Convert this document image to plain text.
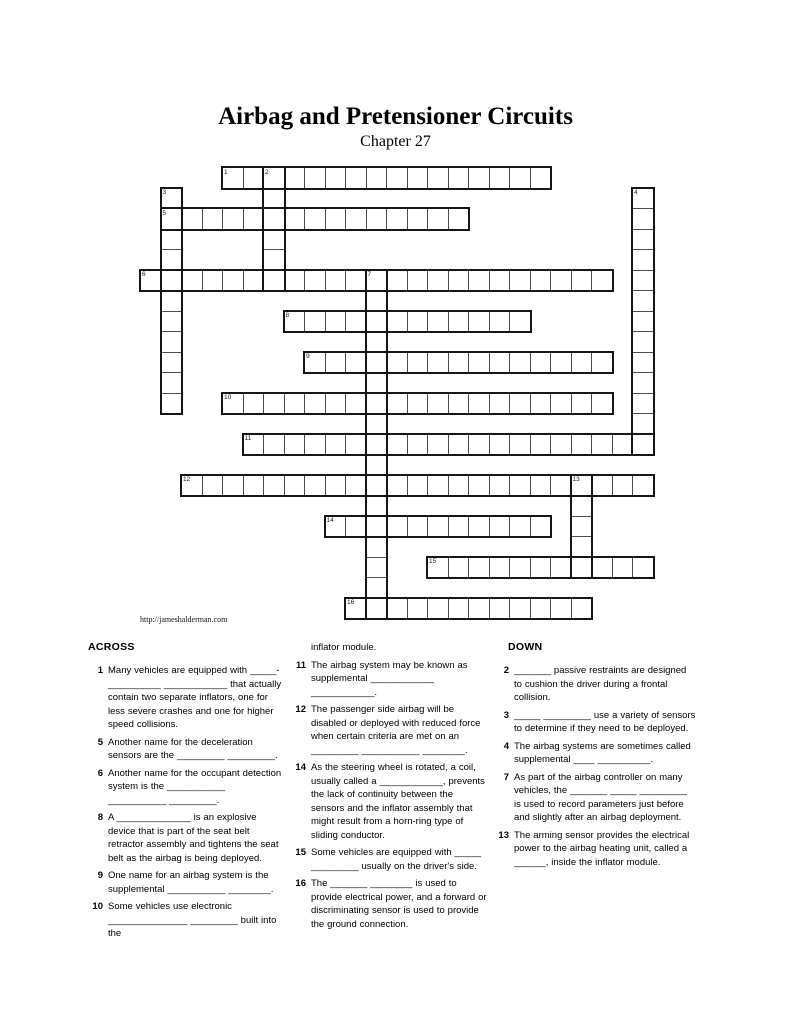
Airbag and Pretensioner Circuits
Chapter 27
1	2
3	4
5
6	7
8
9
10
11
12	13
14
15
16
http://jameshalderman.com
ACROSS
1 Many vehicles are equipped with _____-__________ ____________ that actually contain two separate inflators, one for less severe crashes and one for higher speed collisions.
5 Another name for the deceleration sensors are the _________ _________.
6 Another name for the occupant detection system is the ___________ ___________ _________.
8 A ______________ is an explosive device that is part of the seat belt retractor assembly and tightens the seat belt as the airbag is being deployed.
9 One name for an airbag system is the supplemental ___________ ________.
10 Some vehicles use electronic _______________ _________ built into the
inflator module.
11 The airbag system may be known as supplemental ____________ ____________.
12 The passenger side airbag will be disabled or deployed with reduced force when certain criteria are met on an _________ ___________ ________.
14 As the steering wheel is rotated, a coil, usually called a ____________, prevents the lack of continuity between the sensors and the inflator assembly that might result from a horn-ring type of sliding conductor.
15 Some vehicles are equipped with _____ _________ usually on the driver's side.
16 The _______ ________ is used to provide electrical power, and a forward or discriminating sensor is used to provide the ground connection.
DOWN
2 _______ passive restraints are designed to cushion the driver during a frontal collision.
3 _____ _________ use a variety of sensors to determine if they need to be deployed.
4 The airbag systems are sometimes called supplemental ____ __________.
7 As part of the airbag controller on many vehicles, the _______ _____ _________ is used to record parameters just before and slightly after an airbag deployment.
13 The arming sensor provides the electrical power to the airbag heating unit, called a ______, inside the inflator module.
